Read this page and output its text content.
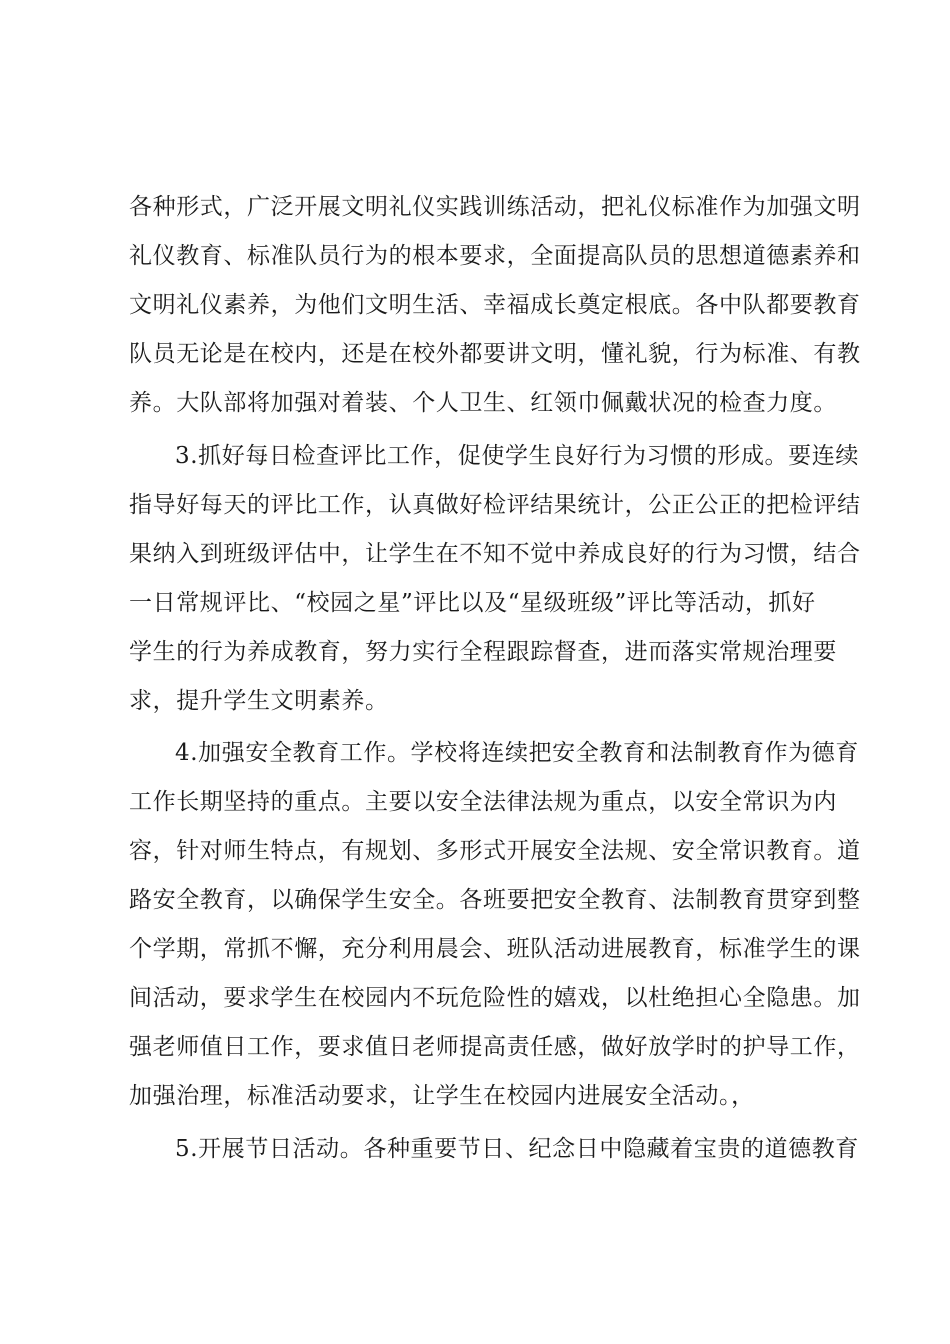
各种形式，广泛开展文明礼仪实践训练活动，把礼仪标准作为加强文明
礼仪教育、标准队员行为的根本要求，全面提高队员的思想道德素养和
文明礼仪素养，为他们文明生活、幸福成长奠定根底。各中队都要教育
队员无论是在校内，还是在校外都要讲文明，懂礼貌，行为标准、有教
养。大队部将加强对着装、个人卫生、红领巾佩戴状况的检查力度。
3.抓好每日检查评比工作，促使学生良好行为习惯的形成。要连续
指导好每天的评比工作，认真做好检评结果统计，公正公正的把检评结
果纳入到班级评估中，让学生在不知不觉中养成良好的行为习惯，结合
一日常规评比、“校园之星”评比以及“星级班级”评比等活动，抓好
学生的行为养成教育，努力实行全程跟踪督查，进而落实常规治理要
求，提升学生文明素养。
4.加强安全教育工作。学校将连续把安全教育和法制教育作为德育
工作长期坚持的重点。主要以安全法律法规为重点，以安全常识为内
容，针对师生特点，有规划、多形式开展安全法规、安全常识教育。道
路安全教育，以确保学生安全。各班要把安全教育、法制教育贯穿到整
个学期，常抓不懈，充分利用晨会、班队活动进展教育，标准学生的课
间活动，要求学生在校园内不玩危险性的嬉戏，以杜绝担心全隐患。加
强老师值日工作，要求值日老师提高责任感，做好放学时的护导工作，
加强治理，标准活动要求，让学生在校园内进展安全活动。，
5.开展节日活动。各种重要节日、纪念日中隐藏着宝贵的道德教育
